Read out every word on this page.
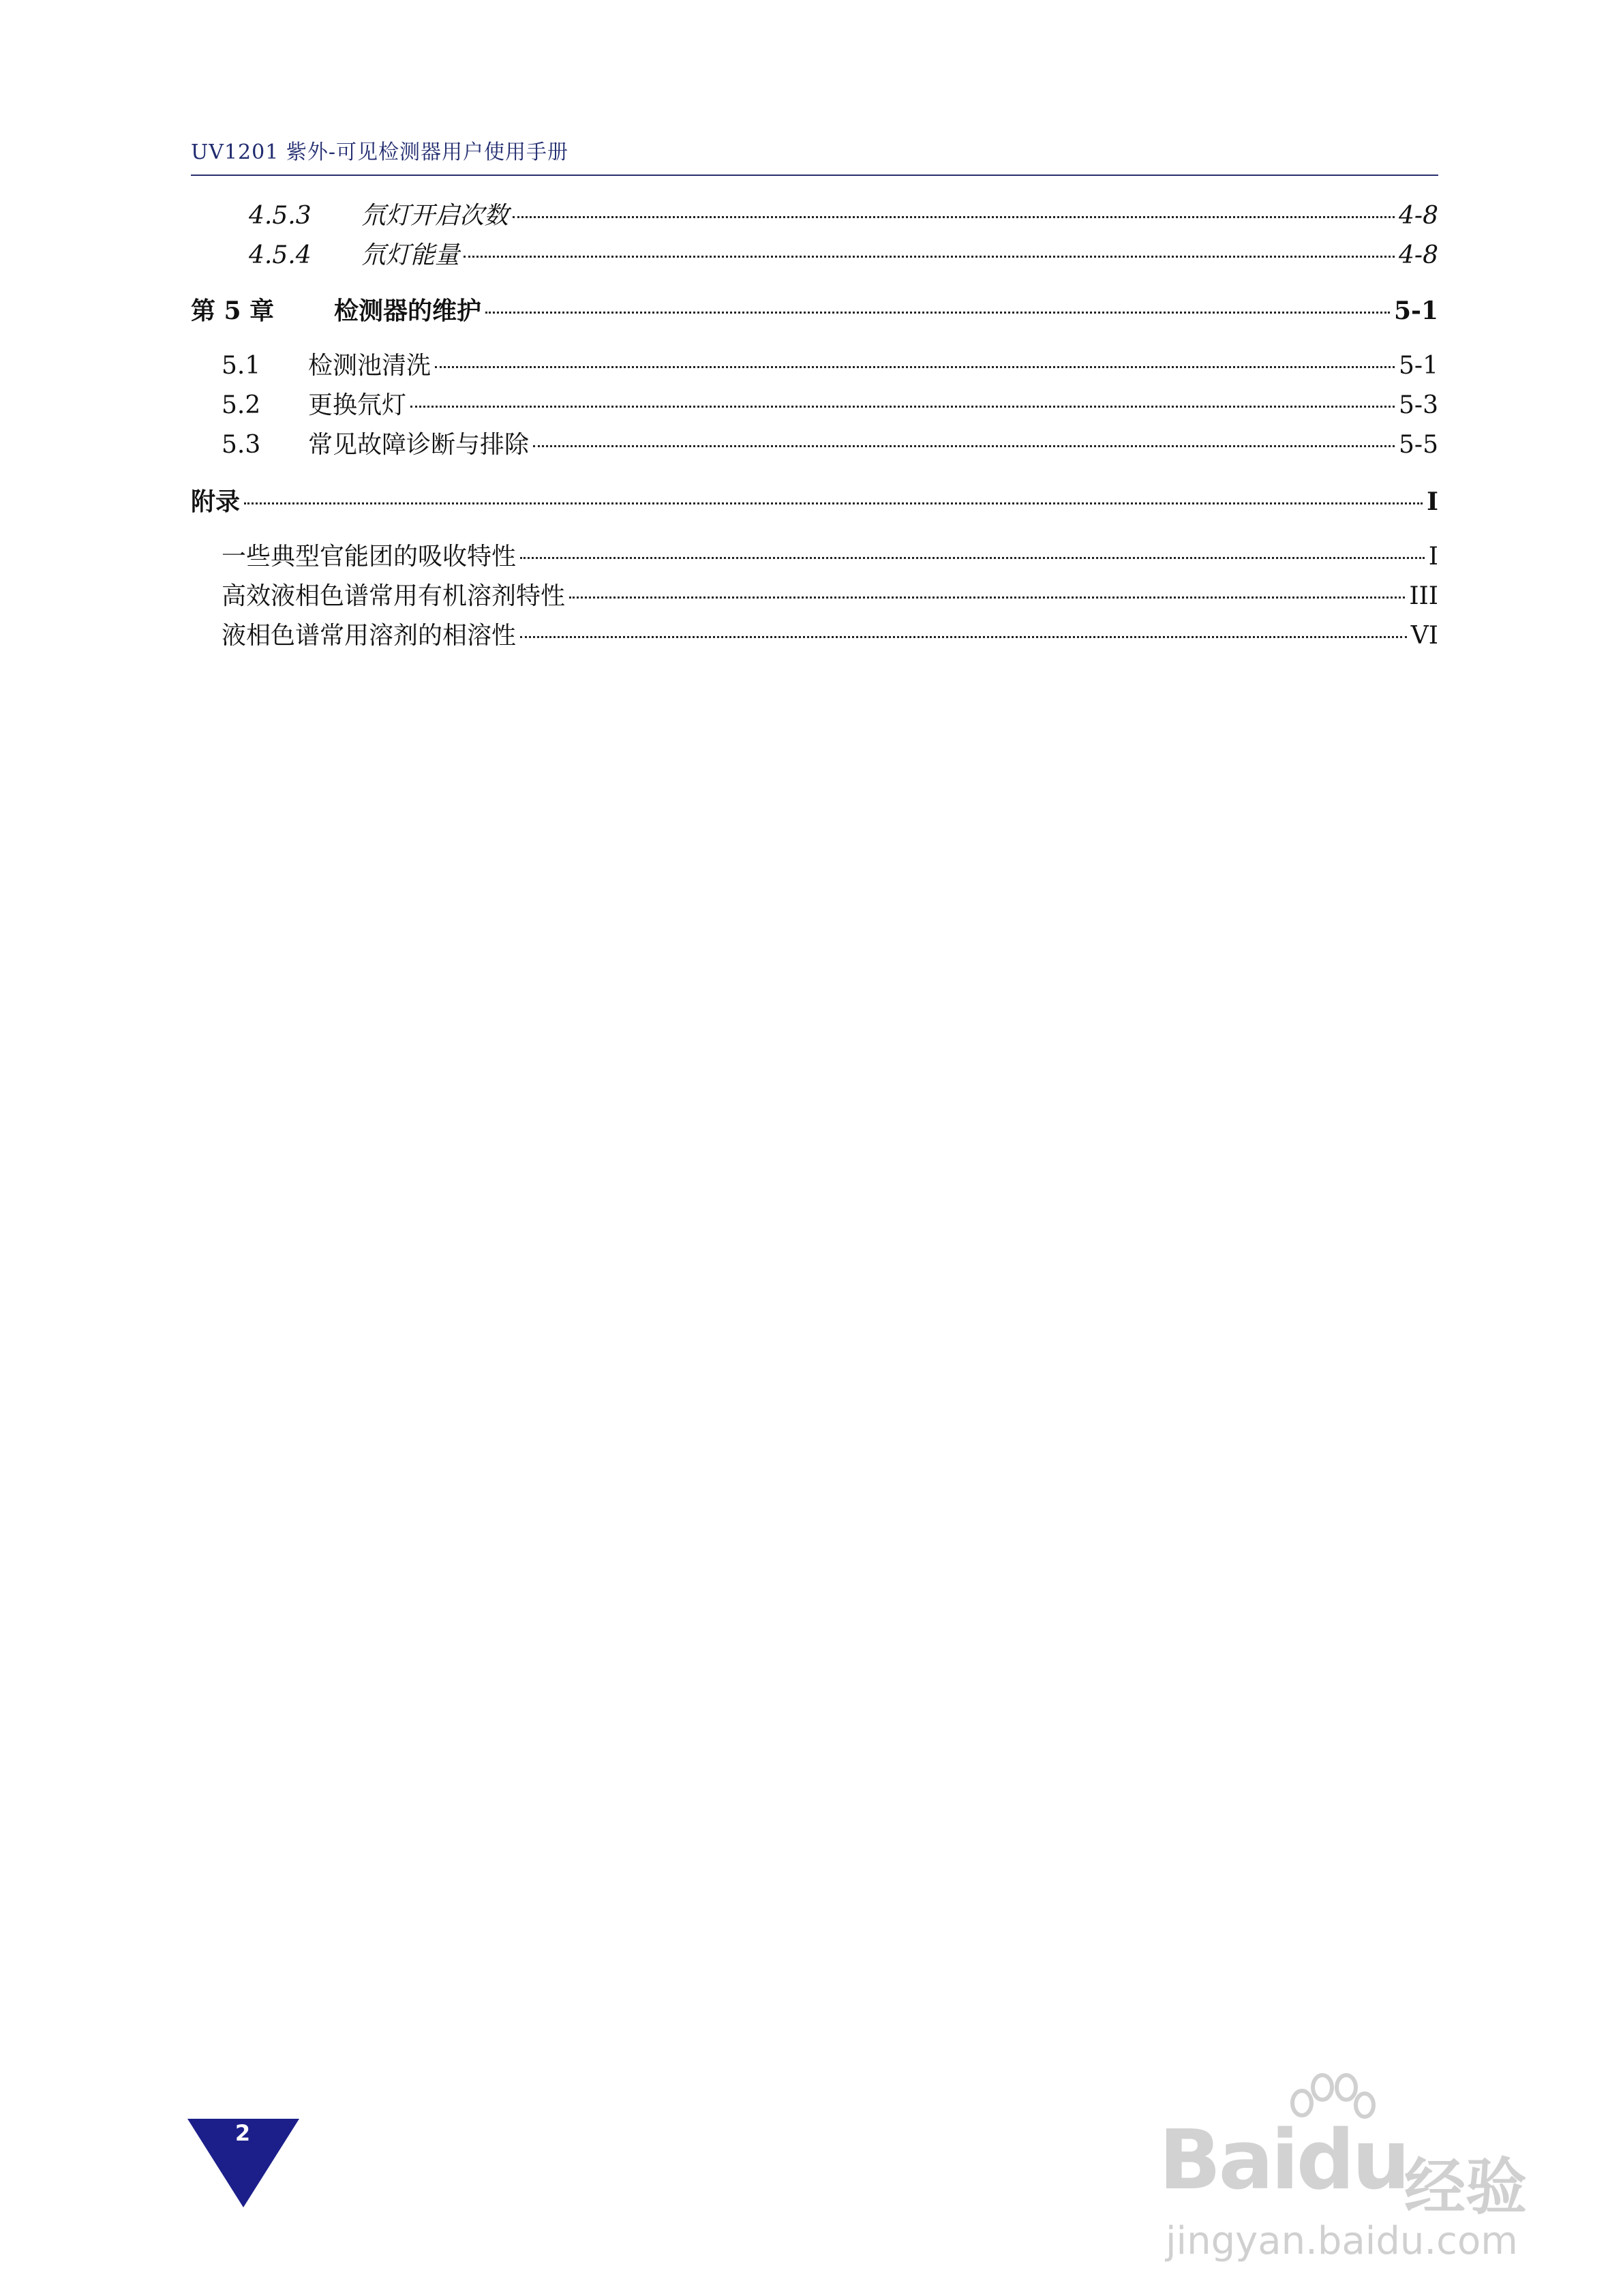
UV1201 紫外-可见检测器用户使用手册
4.5.3	氘灯开启次数	4-8
4.5.4	氘灯能量	4-8
第 5 章	检测器的维护	5-1
5.1	检测池清洗	5-1
5.2	更换氘灯	5-3
5.3	常见故障诊断与排除	5-5
附录	I
一些典型官能团的吸收特性	I
高效液相色谱常用有机溶剂特性	III
液相色谱常用溶剂的相溶性	VI
2	Baidu
经验
jingyan.baidu.com
